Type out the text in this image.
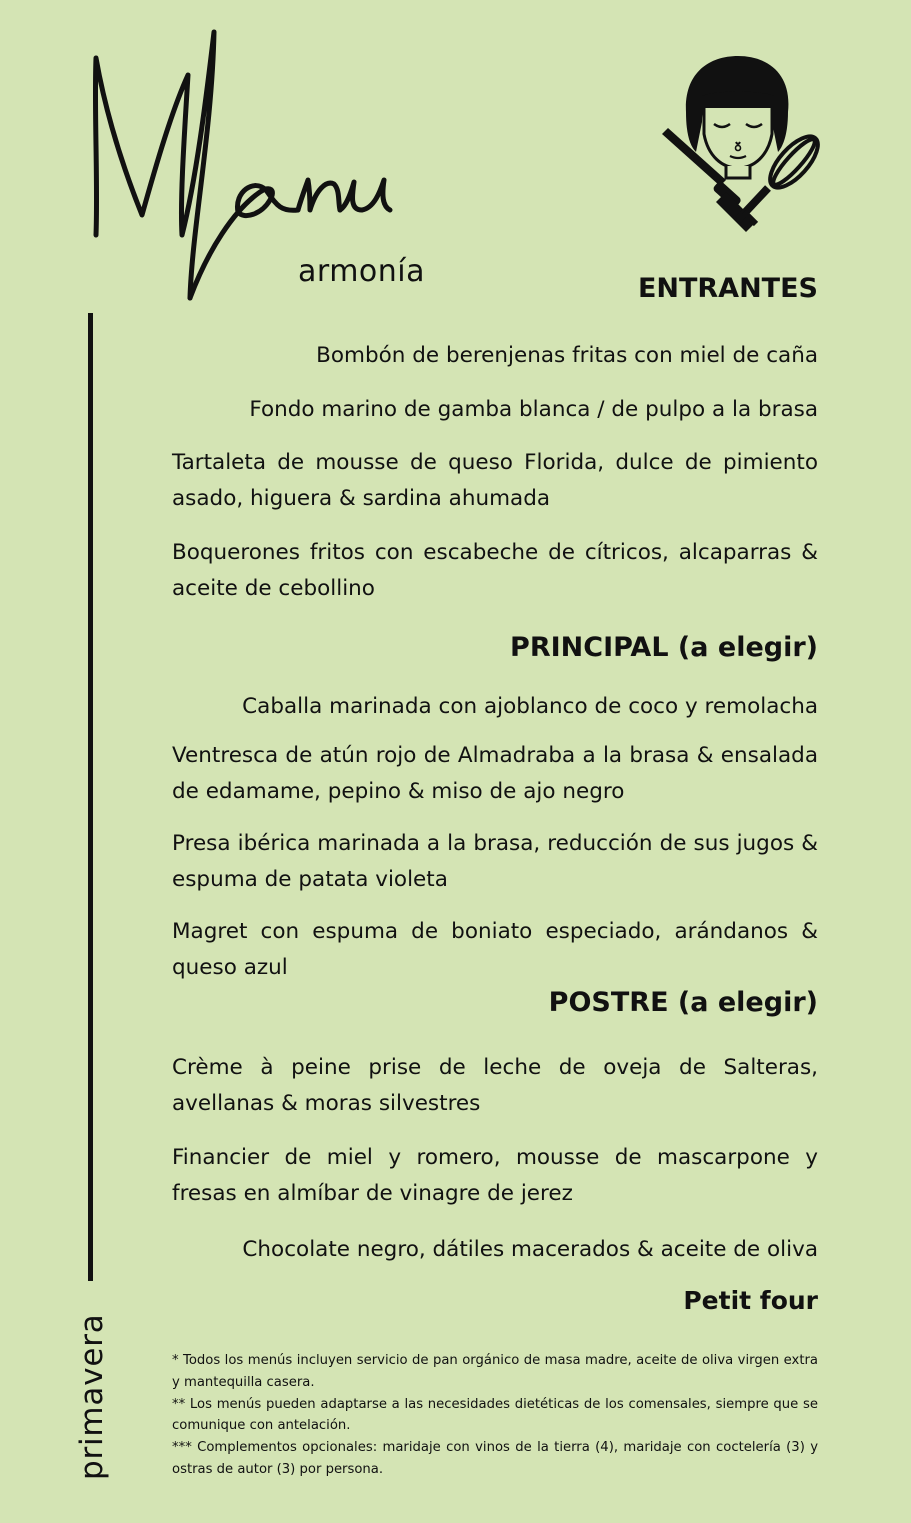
armonía
primavera
ENTRANTES
Bombón de berenjenas fritas con miel de caña
Fondo marino de gamba blanca / de pulpo a la brasa
Tartaleta de mousse de queso Florida, dulce de pimiento asado, higuera & sardina ahumada
Boquerones fritos con escabeche de cítricos, alcaparras & aceite de cebollino
PRINCIPAL (a elegir)
Caballa marinada con ajoblanco de coco y remolacha
Ventresca de atún rojo de Almadraba a la brasa & ensalada de edamame, pepino & miso de ajo negro
Presa ibérica marinada a la brasa, reducción de sus jugos & espuma de patata violeta
Magret con espuma de boniato especiado, arándanos & queso azul
POSTRE (a elegir)
Crème à peine prise de leche de oveja de Salteras, avellanas & moras silvestres
Financier de miel y romero, mousse de mascarpone y fresas en almíbar de vinagre de jerez
Chocolate negro, dátiles macerados & aceite de oliva
Petit four
* Todos los menús incluyen servicio de pan orgánico de masa madre, aceite de oliva virgen extra y mantequilla casera.
** Los menús pueden adaptarse a las necesidades dietéticas de los comensales, siempre que se comunique con antelación.
*** Complementos opcionales: maridaje con vinos de la tierra (4), maridaje con coctelería (3) y ostras de autor (3) por persona.
